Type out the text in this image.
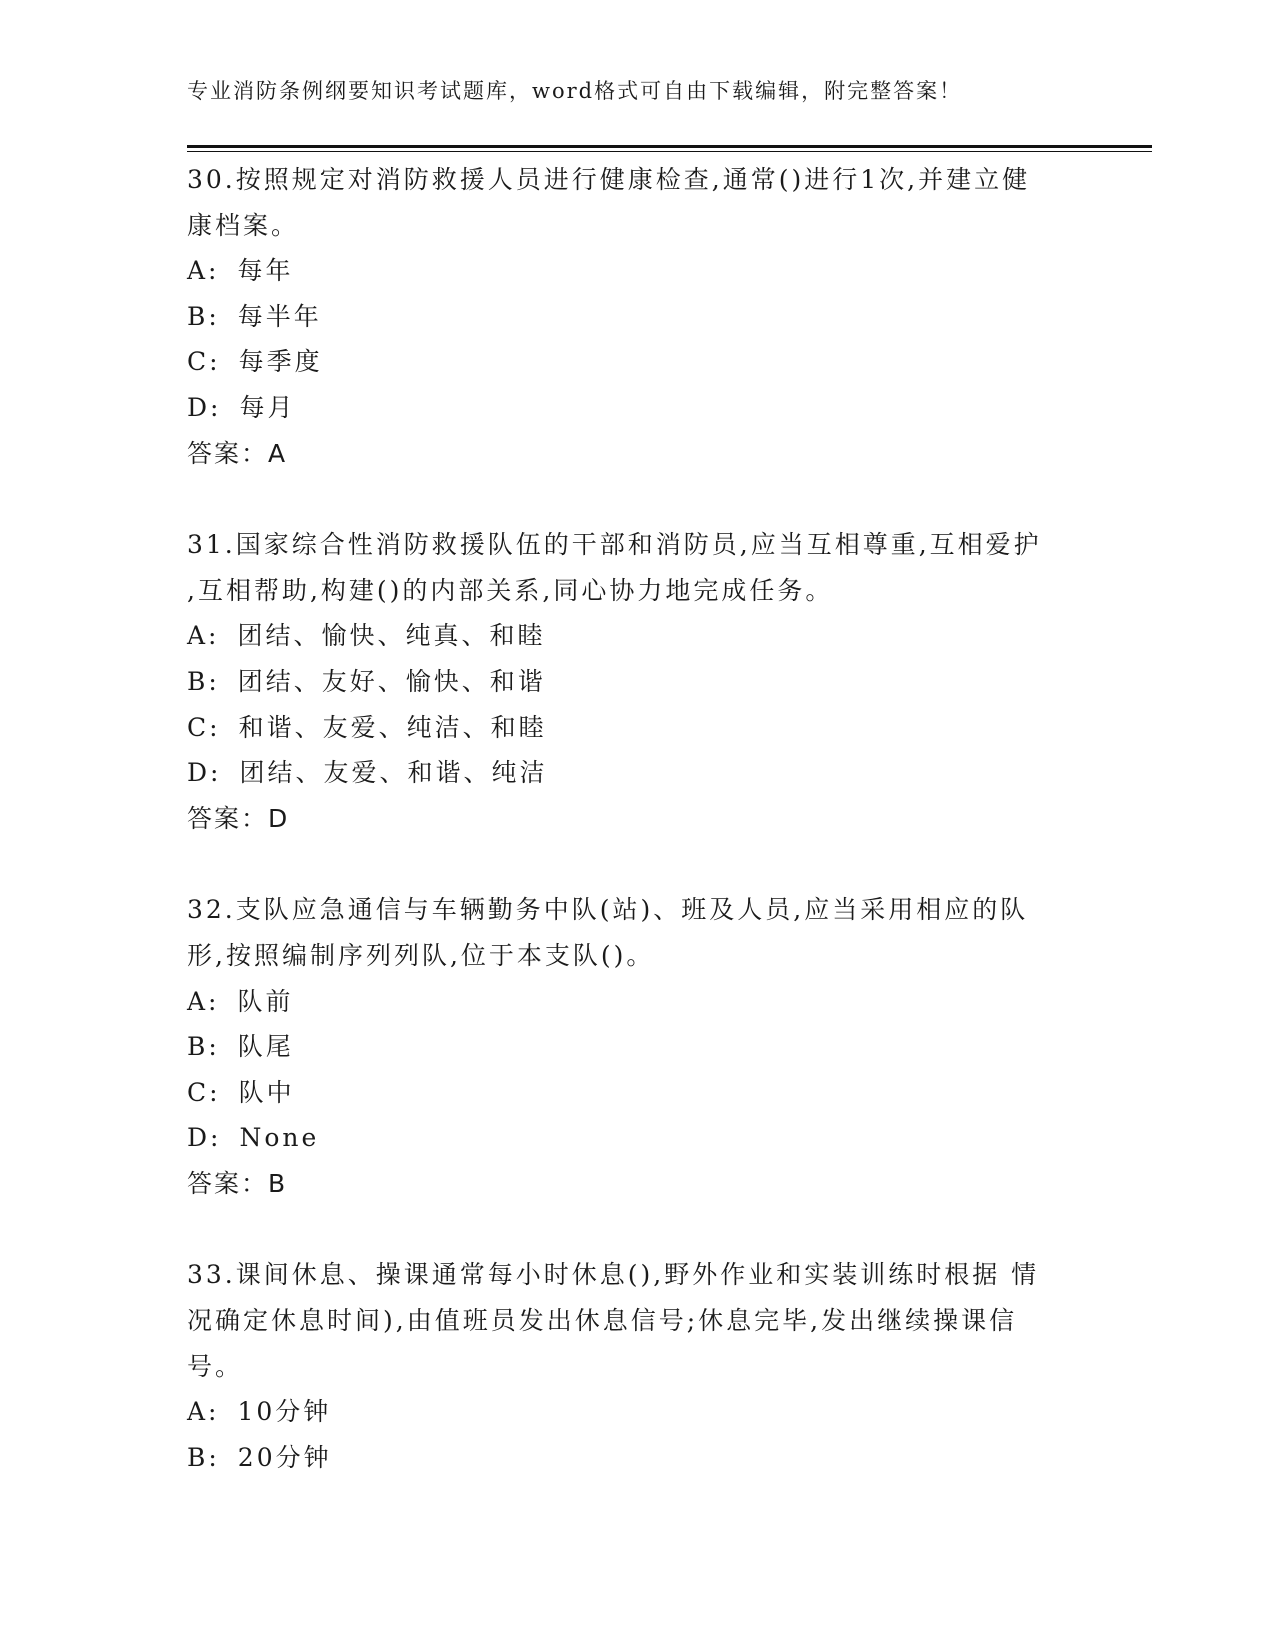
专业消防条例纲要知识考试题库，word格式可自由下载编辑，附完整答案！

30.按照规定对消防救援人员进行健康检查,通常()进行1次,并建立健

康档案。

A: 每年
B: 每半年
C: 每季度
D: 每月
答案：A

31.国家综合性消防救援队伍的干部和消防员,应当互相尊重,互相爱护

,互相帮助,构建()的内部关系,同心协力地完成任务。

A: 团结、愉快、纯真、和睦
B: 团结、友好、愉快、和谐
C: 和谐、友爱、纯洁、和睦
D: 团结、友爱、和谐、纯洁
答案：D

32.支队应急通信与车辆勤务中队(站)、班及人员,应当采用相应的队

形,按照编制序列列队,位于本支队()。

A: 队前
B: 队尾
C: 队中
D: None
答案：B

33.课间休息、操课通常每小时休息(),野外作业和实装训练时根据 情

况确定休息时间),由值班员发出休息信号;休息完毕,发出继续操课信

号。

A: 10分钟
B: 20分钟
